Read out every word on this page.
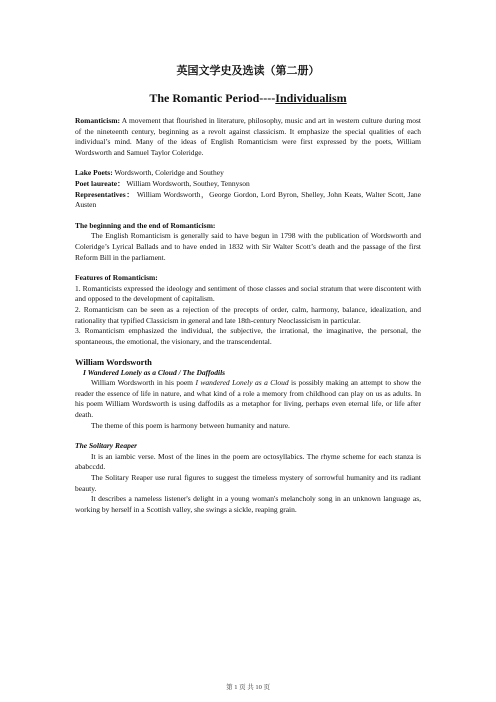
英国文学史及选读（第二册）
The Romantic Period----Individualism

Romanticism: A movement that flourished in literature, philosophy, music and art in western culture during most of the nineteenth century, beginning as a revolt against classicism. It emphasize the special qualities of each individual’s mind. Many of the ideas of English Romanticism were first expressed by the poets, William Wordsworth and Samuel Taylor Coleridge.

Lake Poets: Wordsworth, Coleridge and Southey

Poet laureate： William Wordsworth, Southey, Tennyson

Representatives： William Wordsworth，George Gordon, Lord Byron, Shelley, John Keats, Walter Scott, Jane Austen

The beginning and the end of Romanticism:

The English Romanticism is generally said to have begun in 1798 with the publication of Wordsworth and Coleridge’s Lyrical Ballads and to have ended in 1832 with Sir Walter Scott’s death and the passage of the first Reform Bill in the parliament.

Features of Romanticism:

1. Romanticists expressed the ideology and sentiment of those classes and social stratum that were discontent with and opposed to the development of capitalism.

2. Romanticism can be seen as a rejection of the precepts of order, calm, harmony, balance, idealization, and rationality that typified Classicism in general and late 18th-century Neoclassicism in particular.

3. Romanticism emphasized the individual, the subjective, the irrational, the imaginative, the personal, the spontaneous, the emotional, the visionary, and the transcendental.

William Wordsworth
I Wandered Lonely as a Cloud / The Daffodils

William Wordsworth in his poem I wandered Lonely as a Cloud is possibly making an attempt to show the reader the essence of life in nature, and what kind of a role a memory from childhood can play on us as adults. In his poem William Wordsworth is using daffodils as a metaphor for living, perhaps even eternal life, or life after death.

The theme of this poem is harmony between humanity and nature.

The Solitary Reaper

It is an iambic verse. Most of the lines in the poem are octosyllabics. The rhyme scheme for each stanza is ababccdd.

The Solitary Reaper use rural figures to suggest the timeless mystery of sorrowful humanity and its radiant beauty.

It describes a nameless listener's delight in a young woman's melancholy song in an unknown language as, working by herself in a Scottish valley, she swings a sickle, reaping grain.

第 1 页 共 10 页
